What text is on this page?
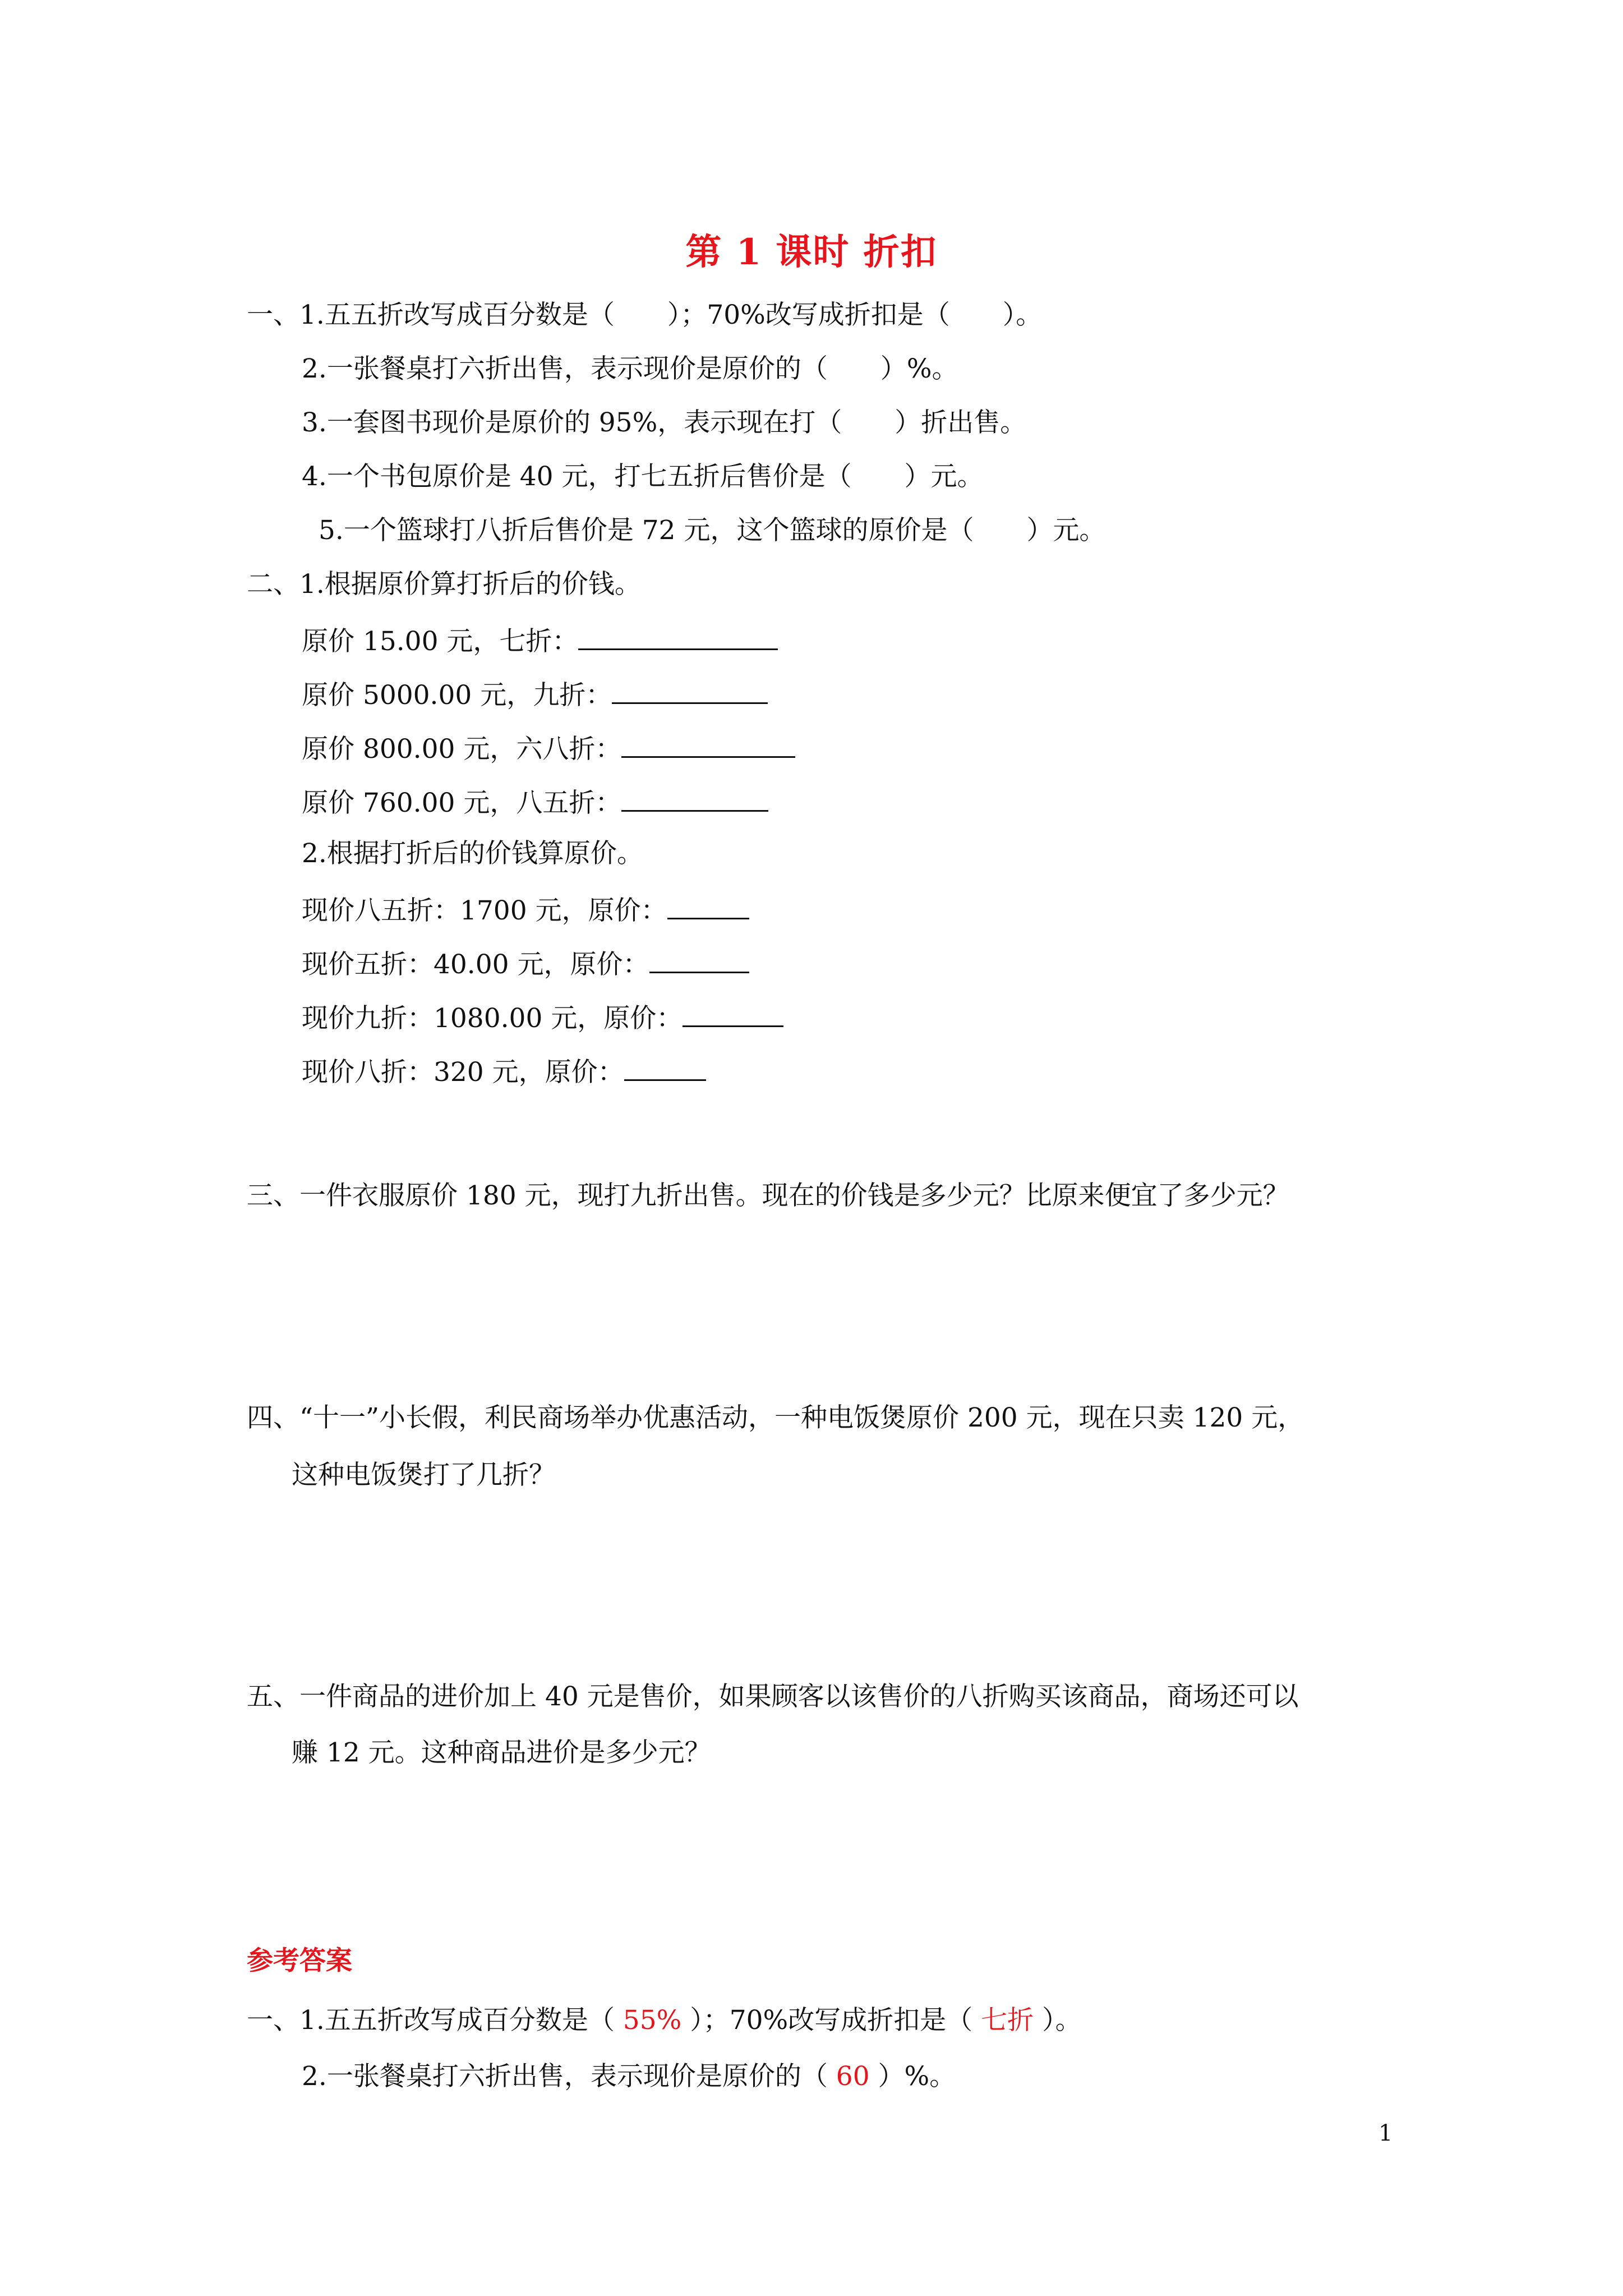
第 1 课时 折扣
一、1.五五折改写成百分数是（　　）；70%改写成折扣是（　　）。
2.一张餐桌打六折出售，表示现价是原价的（　　）%。
3.一套图书现价是原价的 95%，表示现在打（　　）折出售。
4.一个书包原价是 40 元，打七五折后售价是（　　）元。
5.一个篮球打八折后售价是 72 元，这个篮球的原价是（　　）元。
二、1.根据原价算打折后的价钱。
原价 15.00 元，七折：
原价 5000.00 元，九折：
原价 800.00 元，六八折：
原价 760.00 元，八五折：
2.根据打折后的价钱算原价。
现价八五折：1700 元，原价：
现价五折：40.00 元，原价：
现价九折：1080.00 元，原价：
现价八折：320 元，原价：
三、一件衣服原价 180 元，现打九折出售。现在的价钱是多少元？比原来便宜了多少元？
四、“十一”小长假，利民商场举办优惠活动，一种电饭煲原价 200 元，现在只卖 120 元，
这种电饭煲打了几折？
五、一件商品的进价加上 40 元是售价，如果顾客以该售价的八折购买该商品，商场还可以
赚 12 元。这种商品进价是多少元？
参考答案
一、1.五五折改写成百分数是（ 55% ）；70%改写成折扣是（ 七折 ）。
2.一张餐桌打六折出售，表示现价是原价的（ 60 ）%。
1
